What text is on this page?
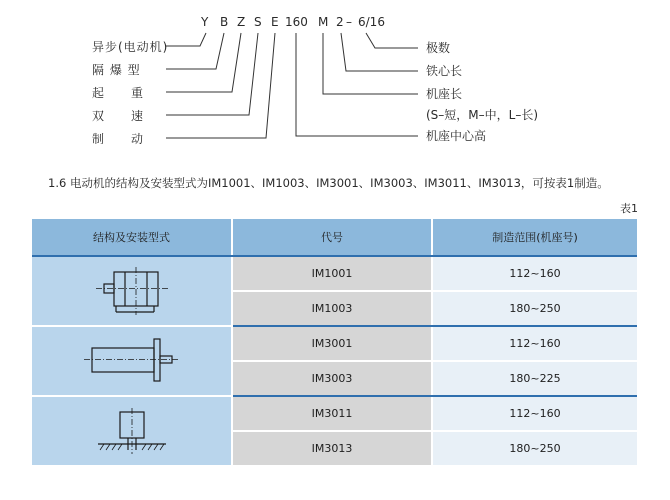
Y B Z S E 160 M 2 – 6/16
异步(电动机)
隔 爆 型
起　　重
双　　速
制　　动
极数
铁心长
机座长
(S–短，M–中，L–长)
机座中心高
1.6 电动机的结构及安装型式为IM1001、IM1003、IM3001、IM3003、IM3011、IM3013，可按表1制造。
表1
结构及安装型式	代号	制造范围(机座号)

	IM1001	112~160
	IM1003	180~250

	IM3001	112~160
	IM3003	180~225

	IM3011	112~160
	IM3013	180~250
